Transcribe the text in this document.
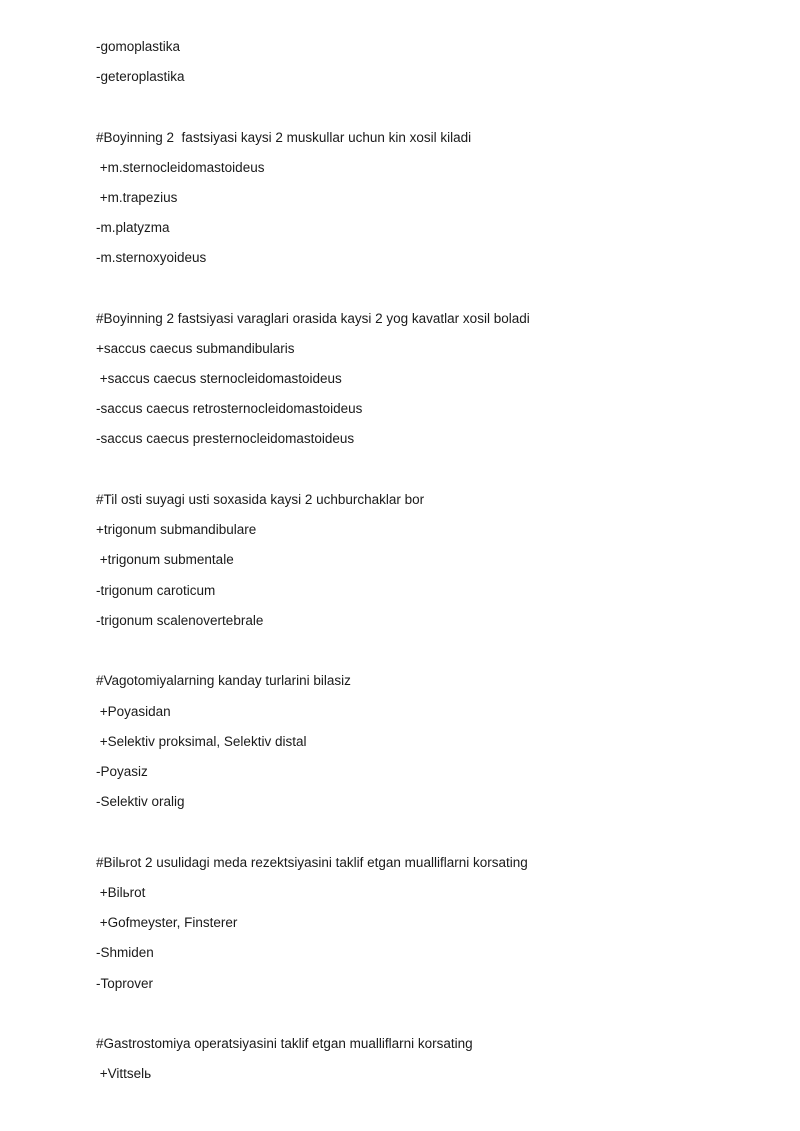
-gomoplastika
-geteroplastika
#Boyinning 2  fastsiyasi kaysi 2 muskullar uchun kin xosil kiladi
+m.sternocleidomastoideus
+m.trapezius
-m.platyzma
-m.sternoxyoideus
#Boyinning 2 fastsiyasi varaglari orasida kaysi 2 yog kavatlar xosil boladi
+saccus caecus submandibularis
+saccus caecus sternocleidomastoideus
-saccus caecus retrosternocleidomastoideus
-saccus caecus presternocleidomastoideus
#Til osti suyagi usti soxasida kaysi 2 uchburchaklar bor
+trigonum submandibulare
+trigonum submentale
-trigonum caroticum
-trigonum scalenovertebrale
#Vagotomiyalarning kanday turlarini bilasiz
+Poyasidan
+Selektiv proksimal, Selektiv distal
-Poyasiz
-Selektiv oralig
#Bilьrot 2 usulidagi meda rezektsiyasini taklif etgan mualliflarni korsating
+Bilьrot
+Gofmeyster, Finsterer
-Shmiden
-Toprover
#Gastrostomiya operatsiyasini taklif etgan mualliflarni korsating
+Vittselь
